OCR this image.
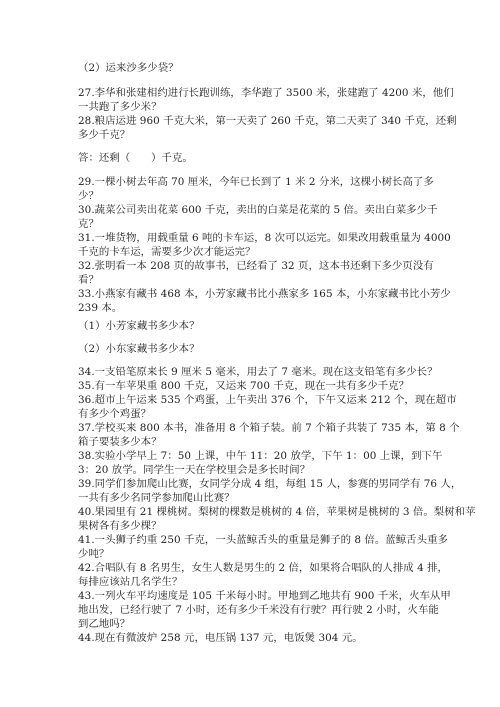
（2）运来沙多少袋？

27.李华和张建相约进行长跑训练，李华跑了 3500 米，张建跑了 4200 米，他们

一共跑了多少米？

28.粮店运进 960 千克大米，第一天卖了 260 千克，第二天卖了 340 千克，还剩

多少千克？

答：还剩（　　）千克。

29.一棵小树去年高 70 厘米，今年已长到了 1 米 2 分米，这棵小树长高了多

少？

30.蔬菜公司卖出花菜 600 千克，卖出的白菜是花菜的 5 倍。卖出白菜多少千

克？

31.一堆货物，用载重量 6 吨的卡车运，8 次可以运完。如果改用载重量为 4000

千克的卡车运，需要多少次才能运完？

32.张明看一本 208 页的故事书，已经看了 32 页，这本书还剩下多少页没有

看？

33.小燕家有藏书 468 本，小芳家藏书比小燕家多 165 本，小东家藏书比小芳少

239 本。

（1）小芳家藏书多少本？

（2）小东家藏书多少本？

34.一支铅笔原来长 9 厘米 5 毫米，用去了 7 毫米。现在这支铅笔有多少长？

35.有一车苹果重 800 千克，又运来 700 千克，现在一共有多少千克？

36.超市上午运来 535 个鸡蛋，上午卖出 376 个，下午又运来 212 个，现在超市

有多少个鸡蛋？

37.学校买来 800 本书，准备用 8 个箱子装。前 7 个箱子共装了 735 本，第 8 个

箱子要装多少本？

38.实验小学早上 7：50 上课，中午 11：20 放学，下午 1：00 上课，到下午

3：20 放学。同学生一天在学校里会是多长时间？

39.同学们参加爬山比赛，女同学分成 4 组，每组 15 人，参赛的男同学有 76 人，

一共有多少名同学参加爬山比赛？

40.果园里有 21 棵桃树。梨树的棵数是桃树的 4 倍，苹果树是桃树的 3 倍。梨树和苹

果树各有多少棵？

41.一头狮子约重 250 千克，一头蓝鲸舌头的重量是狮子的 8 倍。蓝鲸舌头重多

少吨？

42.合唱队有 8 名男生，女生人数是男生的 2 倍，如果将合唱队的人排成 4 排，

每排应该站几名学生？

43.一列火车平均速度是 105 千米每小时。甲地到乙地共有 900 千米，火车从甲

地出发，已经行驶了 7 小时，还有多少千米没有行驶？再行驶 2 小时，火车能

到乙地吗？

44.现在有微波炉 258 元，电压锅 137 元，电饭煲 304 元。
